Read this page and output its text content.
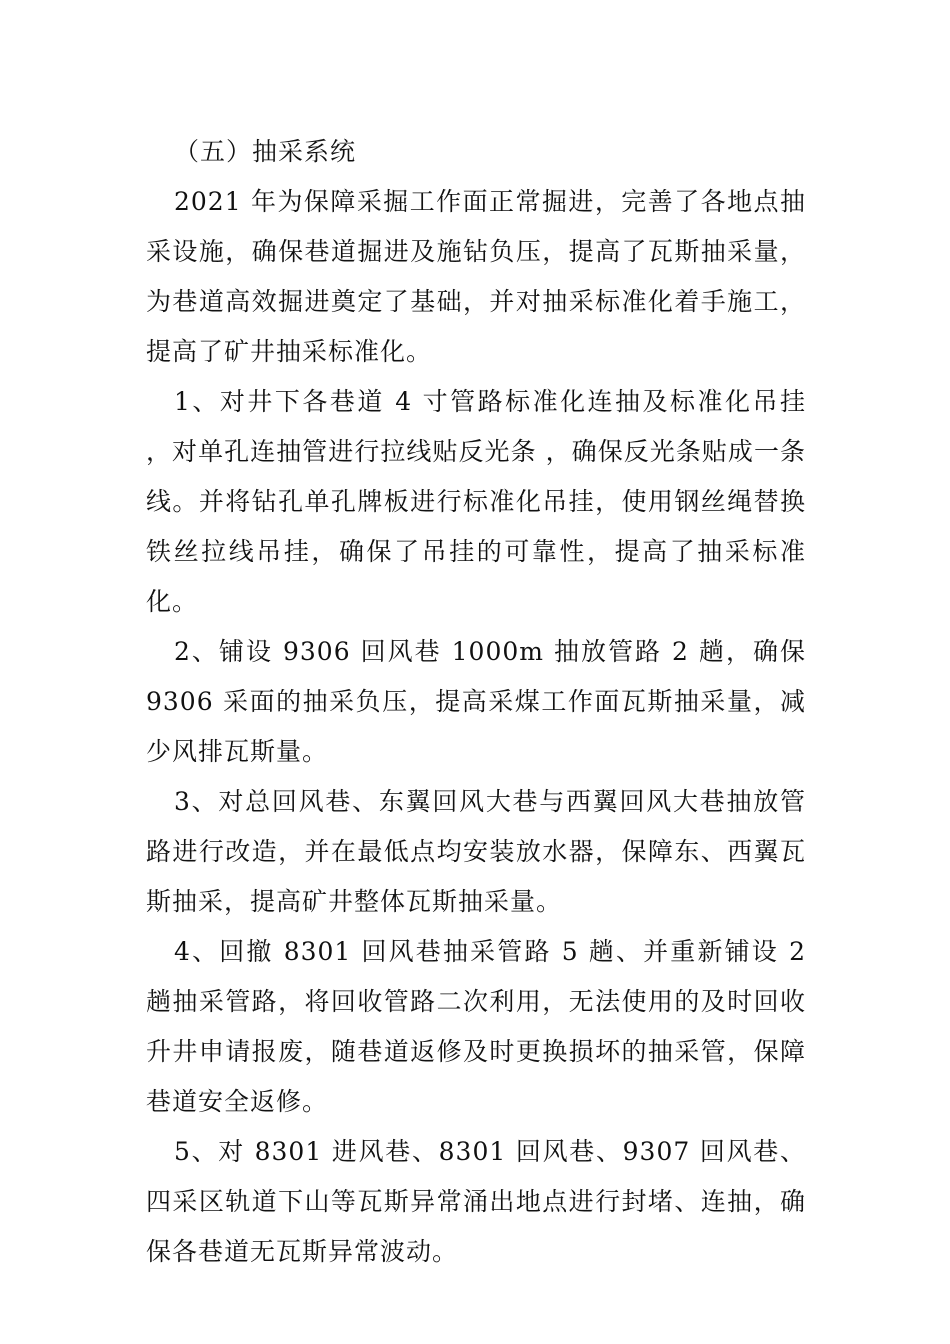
（五）抽采系统

2021 年为保障采掘工作面正常掘进，完善了各地点抽采设施，确保巷道掘进及施钻负压，提高了瓦斯抽采量，为巷道高效掘进奠定了基础，并对抽采标准化着手施工，提高了矿井抽采标准化。

1、对井下各巷道 4 寸管路标准化连抽及标准化吊挂 ，对单孔连抽管进行拉线贴反光条 ，确保反光条贴成一条线。并将钻孔单孔牌板进行标准化吊挂，使用钢丝绳替换铁丝拉线吊挂，确保了吊挂的可靠性，提高了抽采标准化。

2、铺设 9306 回风巷 1000m 抽放管路 2 趟，确保 9306 采面的抽采负压，提高采煤工作面瓦斯抽采量，减少风排瓦斯量。

3、对总回风巷、东翼回风大巷与西翼回风大巷抽放管路进行改造，并在最低点均安装放水器，保障东、西翼瓦斯抽采，提高矿井整体瓦斯抽采量。

4、回撤 8301 回风巷抽采管路 5 趟、并重新铺设 2 趟抽采管路，将回收管路二次利用，无法使用的及时回收升井申请报废，随巷道返修及时更换损坏的抽采管，保障巷道安全返修。

5、对 8301 进风巷、8301 回风巷、9307 回风巷、四采区轨道下山等瓦斯异常涌出地点进行封堵、连抽，确保各巷道无瓦斯异常波动。
